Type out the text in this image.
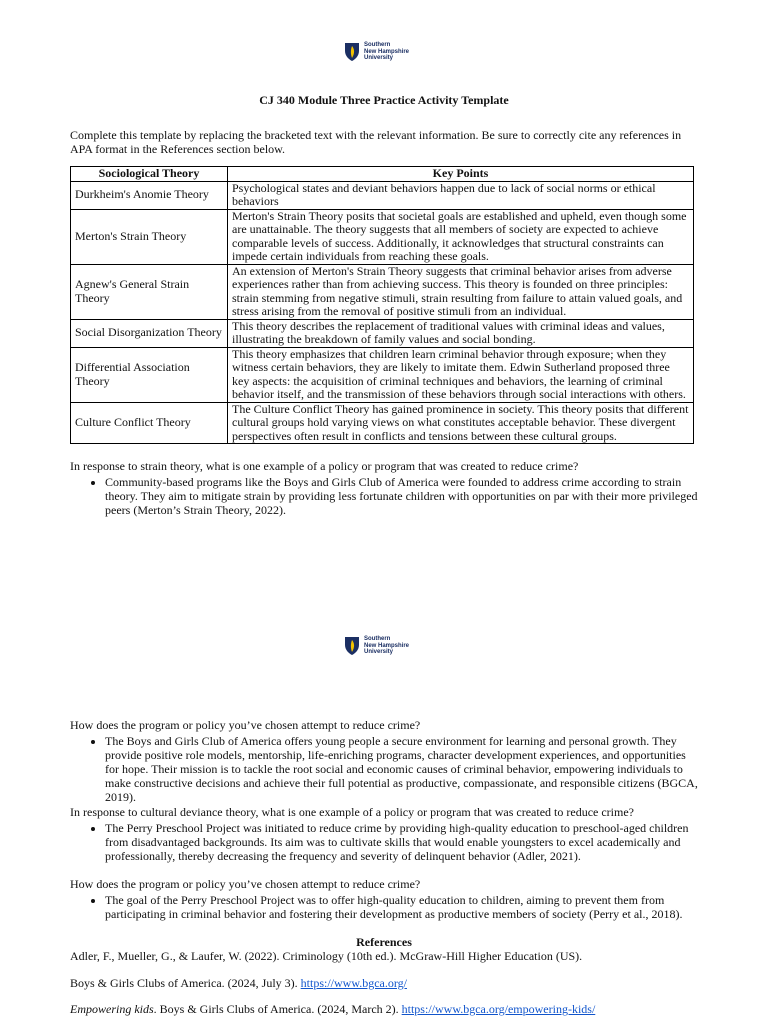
Southern
New Hampshire
University
CJ 340 Module Three Practice Activity Template
Complete this template by replacing the bracketed text with the relevant information. Be sure to correctly cite any references in APA format in the References section below.
Sociological Theory	Key Points
Durkheim's Anomie Theory	Psychological states and deviant behaviors happen due to lack of social norms or ethical behaviors
Merton's Strain Theory	Merton's Strain Theory posits that societal goals are established and upheld, even though some are unattainable. The theory suggests that all members of society are expected to achieve comparable levels of success. Additionally, it acknowledges that structural constraints can impede certain individuals from reaching these goals.
Agnew's General Strain Theory	An extension of Merton's Strain Theory suggests that criminal behavior arises from adverse experiences rather than from achieving success. This theory is founded on three principles: strain stemming from negative stimuli, strain resulting from failure to attain valued goals, and stress arising from the removal of positive stimuli from an individual.
Social Disorganization Theory	This theory describes the replacement of traditional values with criminal ideas and values, illustrating the breakdown of family values and social bonding.
Differential Association Theory	This theory emphasizes that children learn criminal behavior through exposure; when they witness certain behaviors, they are likely to imitate them. Edwin Sutherland proposed three key aspects: the acquisition of criminal techniques and behaviors, the learning of criminal behavior itself, and the transmission of these behaviors through social interactions with others.
Culture Conflict Theory	The Culture Conflict Theory has gained prominence in society. This theory posits that different cultural groups hold varying views on what constitutes acceptable behavior. These divergent perspectives often result in conflicts and tensions between these cultural groups.

In response to strain theory, what is one example of a policy or program that was created to reduce crime?

• Community-based programs like the Boys and Girls Club of America were founded to address crime according to strain theory. They aim to mitigate strain by providing less fortunate children with opportunities on par with their more privileged peers (Merton’s Strain Theory, 2022).
Southern
New Hampshire
University

How does the program or policy you’ve chosen attempt to reduce crime?

• The Boys and Girls Club of America offers young people a secure environment for learning and personal growth. They provide positive role models, mentorship, life-enriching programs, character development experiences, and opportunities for hope. Their mission is to tackle the root social and economic causes of criminal behavior, empowering individuals to make constructive decisions and achieve their full potential as productive, compassionate, and responsible citizens (BGCA, 2019).

In response to cultural deviance theory, what is one example of a policy or program that was created to reduce crime?

• The Perry Preschool Project was initiated to reduce crime by providing high-quality education to preschool-aged children from disadvantaged backgrounds. Its aim was to cultivate skills that would enable youngsters to excel academically and professionally, thereby decreasing the frequency and severity of delinquent behavior (Adler, 2021).

How does the program or policy you’ve chosen attempt to reduce crime?

• The goal of the Perry Preschool Project was to offer high-quality education to children, aiming to prevent them from participating in criminal behavior and fostering their development as productive members of society (Perry et al., 2018).
References
Adler, F., Mueller, G., & Laufer, W. (2022). Criminology (10th ed.). McGraw-Hill Higher Education (US).
Boys & Girls Clubs of America. (2024, July 3). https://www.bgca.org/
Empowering kids. Boys & Girls Clubs of America. (2024, March 2). https://www.bgca.org/empowering-kids/
